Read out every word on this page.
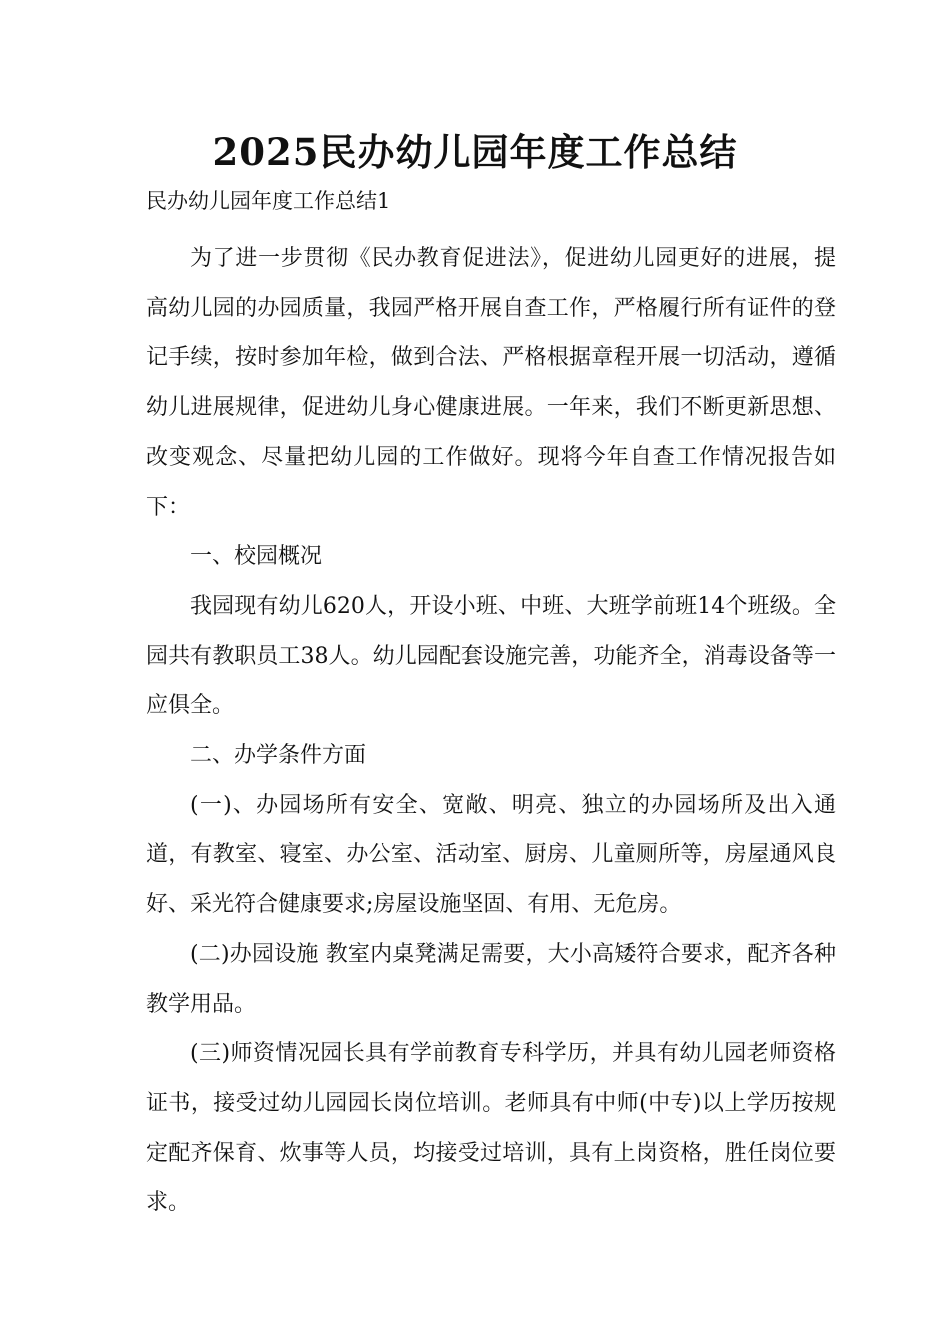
2025民办幼儿园年度工作总结

民办幼儿园年度工作总结1

为了进一步贯彻《民办教育促进法》，促进幼儿园更好的进展，提高幼儿园的办园质量，我园严格开展自查工作，严格履行所有证件的登记手续，按时参加年检，做到合法、严格根据章程开展一切活动，遵循幼儿进展规律，促进幼儿身心健康进展。一年来，我们不断更新思想、改变观念、尽量把幼儿园的工作做好。现将今年自查工作情况报告如下：

一、校园概况

我园现有幼儿620人，开设小班、中班、大班学前班14个班级。全园共有教职员工38人。幼儿园配套设施完善，功能齐全，消毒设备等一应俱全。

二、办学条件方面

(一)、办园场所有安全、宽敞、明亮、独立的办园场所及出入通道，有教室、寝室、办公室、活动室、厨房、儿童厕所等，房屋通风良好、采光符合健康要求;房屋设施坚固、有用、无危房。

(二)办园设施 教室内桌凳满足需要，大小高矮符合要求，配齐各种教学用品。

(三)师资情况园长具有学前教育专科学历，并具有幼儿园老师资格证书，接受过幼儿园园长岗位培训。老师具有中师(中专)以上学历按规定配齐保育、炊事等人员，均接受过培训，具有上岗资格，胜任岗位要求。
